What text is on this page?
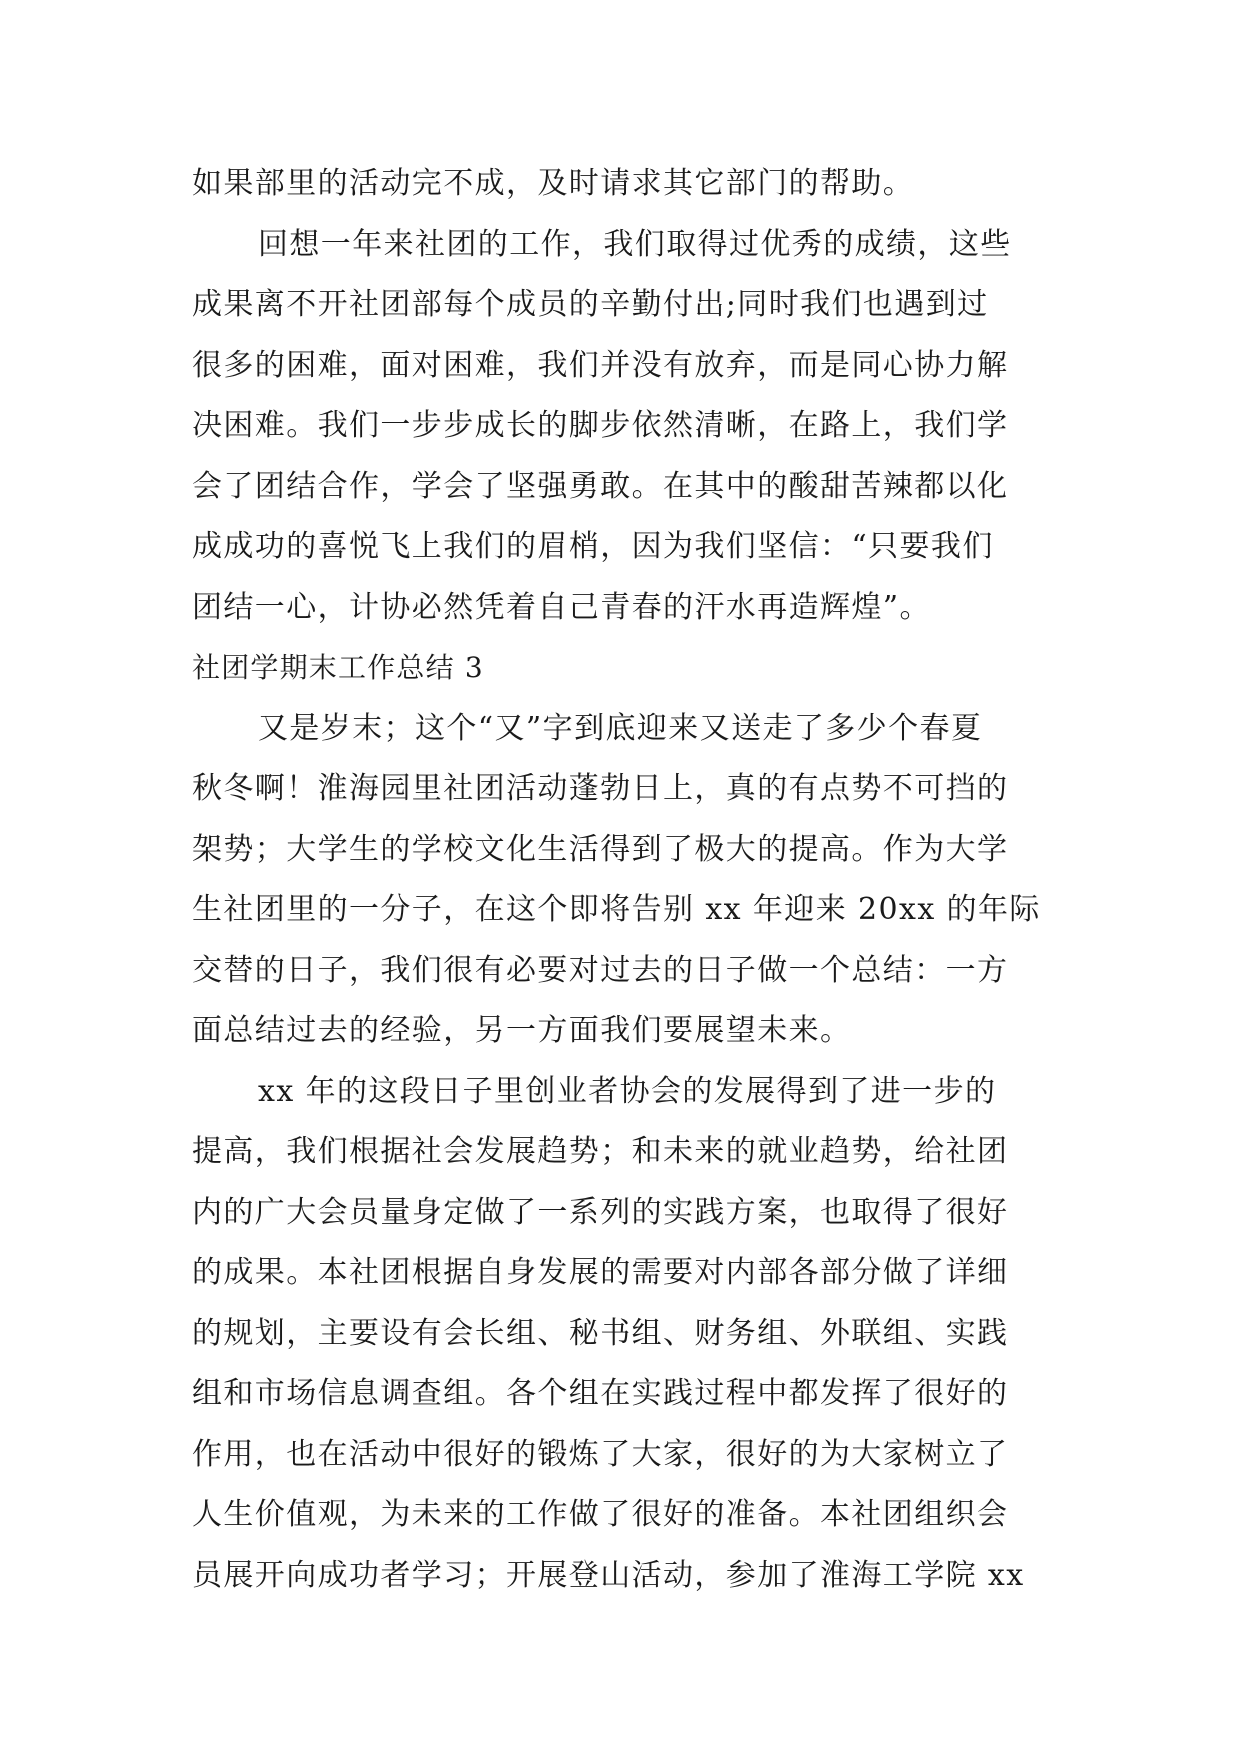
如果部里的活动完不成，及时请求其它部门的帮助。
回想一年来社团的工作，我们取得过优秀的成绩，这些
成果离不开社团部每个成员的辛勤付出;同时我们也遇到过
很多的困难，面对困难，我们并没有放弃，而是同心协力解
决困难。我们一步步成长的脚步依然清晰，在路上，我们学
会了团结合作，学会了坚强勇敢。在其中的酸甜苦辣都以化
成成功的喜悦飞上我们的眉梢，因为我们坚信：“只要我们
团结一心，计协必然凭着自己青春的汗水再造辉煌”。
社团学期末工作总结 3
又是岁末；这个“又”字到底迎来又送走了多少个春夏
秋冬啊！淮海园里社团活动蓬勃日上，真的有点势不可挡的
架势；大学生的学校文化生活得到了极大的提高。作为大学
生社团里的一分子，在这个即将告别 xx 年迎来 20xx 的年际
交替的日子，我们很有必要对过去的日子做一个总结：一方
面总结过去的经验，另一方面我们要展望未来。
xx 年的这段日子里创业者协会的发展得到了进一步的
提高，我们根据社会发展趋势；和未来的就业趋势，给社团
内的广大会员量身定做了一系列的实践方案，也取得了很好
的成果。本社团根据自身发展的需要对内部各部分做了详细
的规划，主要设有会长组、秘书组、财务组、外联组、实践
组和市场信息调查组。各个组在实践过程中都发挥了很好的
作用，也在活动中很好的锻炼了大家，很好的为大家树立了
人生价值观，为未来的工作做了很好的准备。本社团组织会
员展开向成功者学习；开展登山活动，参加了淮海工学院 xx
